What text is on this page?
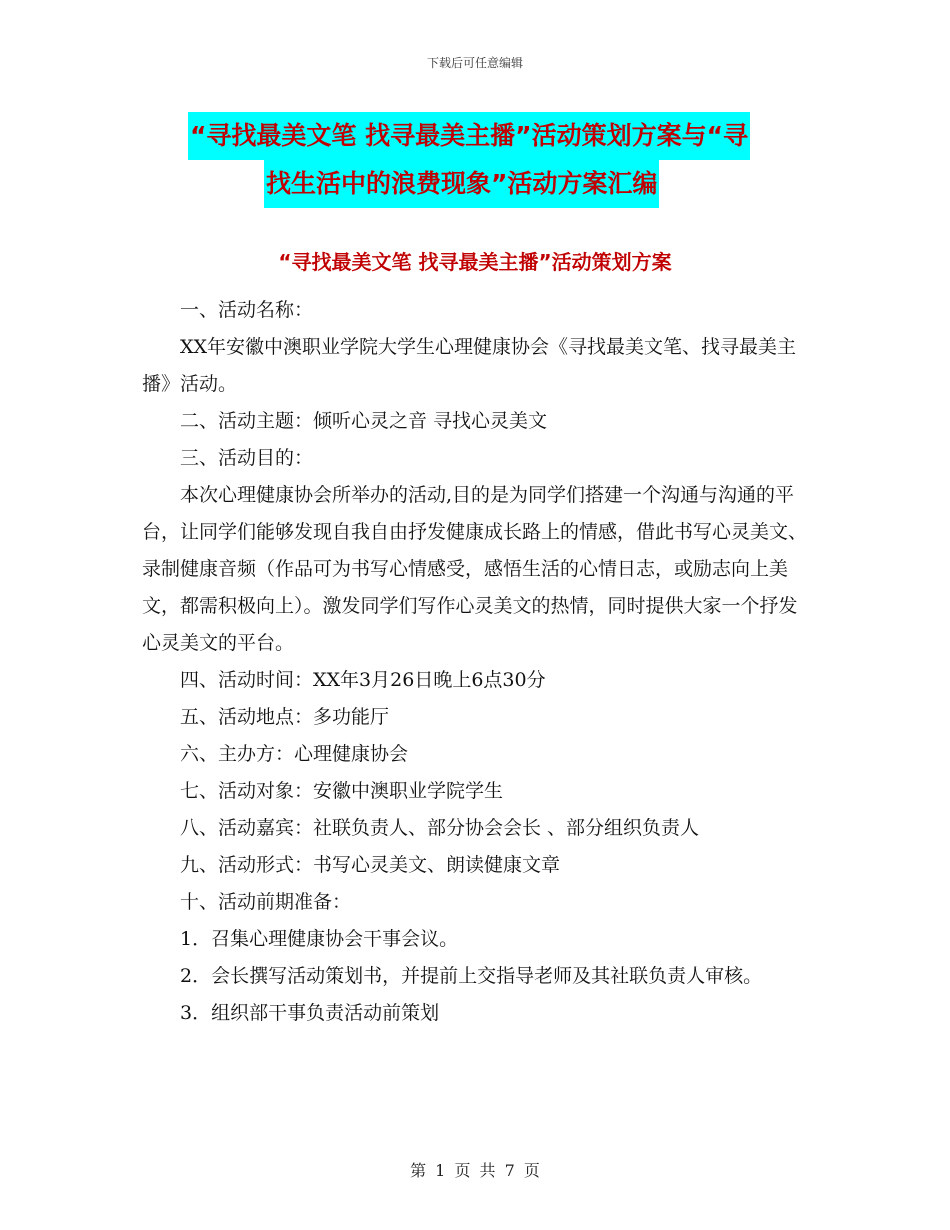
下载后可任意编辑
“寻找最美文笔 找寻最美主播”活动策划方案与“寻
找生活中的浪费现象”活动方案汇编
“寻找最美文笔 找寻最美主播”活动策划方案

一、活动名称：

XX年安徽中澳职业学院大学生心理健康协会《寻找最美文笔、找寻最美主播》活动。

二、活动主题：倾听心灵之音 寻找心灵美文

三、活动目的：

本次心理健康协会所举办的活动,目的是为同学们搭建一个沟通与沟通的平台，让同学们能够发现自我自由抒发健康成长路上的情感，借此书写心灵美文、录制健康音频（作品可为书写心情感受，感悟生活的心情日志，或励志向上美文，都需积极向上）。激发同学们写作心灵美文的热情，同时提供大家一个抒发心灵美文的平台。

四、活动时间：XX年3月26日晚上6点30分

五、活动地点：多功能厅

六、主办方：心理健康协会

七、活动对象：安徽中澳职业学院学生

八、活动嘉宾：社联负责人、部分协会会长 、部分组织负责人

九、活动形式：书写心灵美文、朗读健康文章

十、活动前期准备：

1．召集心理健康协会干事会议。

2．会长撰写活动策划书，并提前上交指导老师及其社联负责人审核。

3．组织部干事负责活动前策划

第 1 页 共 7 页
